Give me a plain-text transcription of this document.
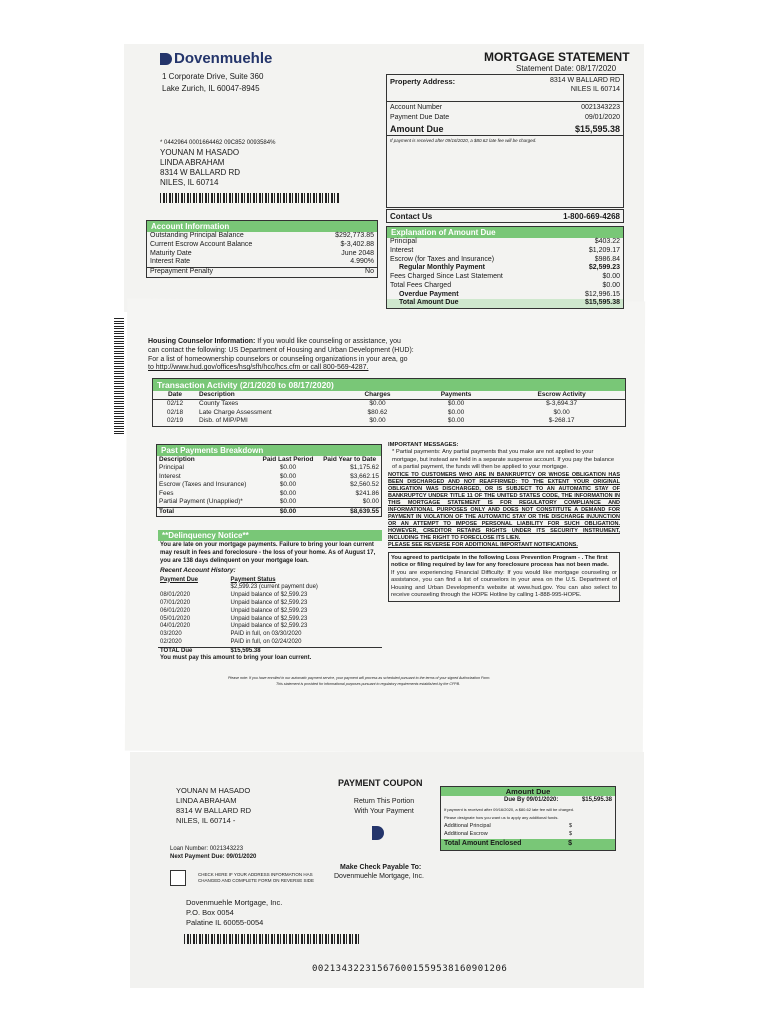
Dovenmuehle
1 Corporate Drive, Suite 360
Lake Zurich, IL 60047-8945
MORTGAGE STATEMENT
Statement Date: 08/17/2020
Property Address:	8314 W BALLARD RD
NILES IL 60714
Account Number	0021343223
Payment Due Date	09/01/2020
Amount Due	$15,595.38
If payment is received after 09/16/2020, a $80.62 late fee will be charged.
* 0442964 0001664462 09C852 0093584%
YOUNAN M HASADO
LINDA ABRAHAM
8314 W BALLARD RD
NILES, IL 60714
Contact Us	1-800-669-4268
Account Information
Outstanding Principal Balance	$292,773.85
Current Escrow Account Balance	$-3,402.88
Maturity Date	June 2048
Interest Rate	4.990%
Prepayment Penalty	No
Explanation of Amount Due
Principal	$403.22
Interest	$1,209.17
Escrow (for Taxes and Insurance)	$986.84
Regular Monthly Payment	$2,599.23
Fees Charged Since Last Statement	$0.00
Total Fees Charged	$0.00
Overdue Payment	$12,996.15
Total Amount Due	$15,595.38
Housing Counselor Information: If you would like counseling or assistance, you
can contact the following: US Department of Housing and Urban Development (HUD):
For a list of homeownership counselors or counseling organizations in your area, go
to http://www.hud.gov/offices/hsg/sfh/hcc/hcs.cfm or call 800-569-4287.
Transaction Activity (2/1/2020 to 08/17/2020)
Date	Description	Charges	Payments	Escrow Activity
02/12	County Taxes	$0.00	$0.00	$-3,694.37
02/18	Late Charge Assessment	$80.62	$0.00	$0.00
02/19	Disb. of MIP/PMI	$0.00	$0.00	$-268.17
Past Payments Breakdown
Description	Paid Last Period	Paid Year to Date
Principal	$0.00	$1,175.62
Interest	$0.00	$3,662.15
Escrow (Taxes and Insurance)	$0.00	$2,560.52
Fees	$0.00	$241.86
Partial Payment (Unapplied)*	$0.00	$0.00
Total	$0.00	$8,639.55
**Delinquency Notice**
You are late on your mortgage payments. Failure to bring your loan current may result in fees and foreclosure - the loss of your home. As of August 17, you are 138 days delinquent on your mortgage loan.
Recent Account History:
Payment Due	Payment Status
	$2,599.23 (current payment due)
08/01/2020	Unpaid balance of $2,599.23
07/01/2020	Unpaid balance of $2,599.23
06/01/2020	Unpaid balance of $2,599.23
05/01/2020	Unpaid balance of $2,599.23
04/01/2020	Unpaid balance of $2,599.23
03/2020	PAID in full, on 03/30/2020
02/2020	PAID in full, on 02/24/2020
TOTAL Due	$15,595.38
You must pay this amount to bring your loan current.
Please note: If you have enrolled in our automatic payment service, your payment will process as scheduled pursuant to the terms of your signed Authorization Form.
This statement is provided for informational purposes pursuant to regulatory requirements established by the CFPB.
IMPORTANT MESSAGES:
* Partial payments: Any partial payments that you make are not applied to your mortgage, but instead are held in a separate suspense account. If you pay the balance of a partial payment, the funds will then be applied to your mortgage.
NOTICE TO CUSTOMERS WHO ARE IN BANKRUPTCY OR WHOSE OBLIGATION HAS BEEN DISCHARGED AND NOT REAFFIRMED: TO THE EXTENT YOUR ORIGINAL OBLIGATION WAS DISCHARGED, OR IS SUBJECT TO AN AUTOMATIC STAY OF BANKRUPTCY UNDER TITLE 11 OF THE UNITED STATES CODE, THE INFORMATION IN THIS MORTGAGE STATEMENT IS FOR REGULATORY COMPLIANCE AND INFORMATIONAL PURPOSES ONLY AND DOES NOT CONSTITUTE A DEMAND FOR PAYMENT IN VIOLATION OF THE AUTOMATIC STAY OR THE DISCHARGE INJUNCTION OR AN ATTEMPT TO IMPOSE PERSONAL LIABILITY FOR SUCH OBLIGATION. HOWEVER, CREDITOR RETAINS RIGHTS UNDER ITS SECURITY INSTRUMENT, INCLUDING THE RIGHT TO FORECLOSE ITS LIEN.
PLEASE SEE REVERSE FOR ADDITIONAL IMPORTANT NOTIFICATIONS.
You agreed to participate in the following Loss Prevention Program - . The first notice or filing required by law for any foreclosure process has not been made.
If you are experiencing Financial Difficulty: If you would like mortgage counseling or assistance, you can find a list of counselors in your area on the U.S. Department of Housing and Urban Development's website at www.hud.gov. You can also select to receive counseling through the HOPE Hotline by calling 1-888-995-HOPE.
PAYMENT COUPON
YOUNAN M HASADO
LINDA ABRAHAM
8314 W BALLARD RD
NILES, IL 60714 -
Return This Portion
With Your Payment
Loan Number: 0021343223
Next Payment Due: 09/01/2020
CHECK HERE IF YOUR ADDRESS INFORMATION HAS
CHANGED AND COMPLETE FORM ON REVERSE SIDE
Make Check Payable To:
Dovenmuehle Mortgage, Inc.
Dovenmuehle Mortgage, Inc.
P.O. Box 0054
Palatine IL 60055-0054
Amount Due
Due By 09/01/2020:	$15,595.38
If payment is received after 09/16/2020, a $80.62 late fee will be charged.
Please designate how you want us to apply any additional funds.
Additional Principal	$
Additional Escrow	$
Total Amount Enclosed	$
002134322315676001559538160901206
